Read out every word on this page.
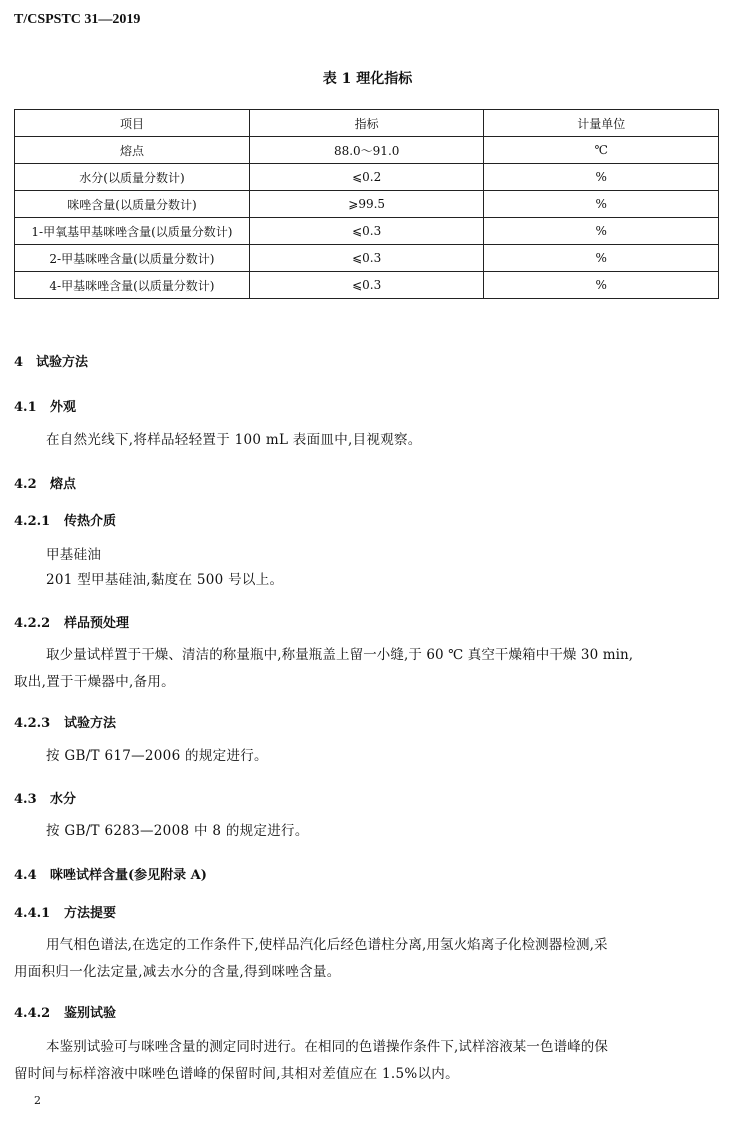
T/CSPSTC 31—2019
表 1 理化指标
项目	指标	计量单位
熔点	88.0～91.0	℃
水分(以质量分数计)	⩽0.2	%
咪唑含量(以质量分数计)	⩾99.5	%
1-甲氧基甲基咪唑含量(以质量分数计)	⩽0.3	%
2-甲基咪唑含量(以质量分数计)	⩽0.3	%
4-甲基咪唑含量(以质量分数计)	⩽0.3	%
4 试验方法
4.1 外观
在自然光线下,将样品轻轻置于 100 mL 表面皿中,目视观察。
4.2 熔点
4.2.1 传热介质
甲基硅油
201 型甲基硅油,黏度在 500 号以上。
4.2.2 样品预处理
取少量试样置于干燥、清洁的称量瓶中,称量瓶盖上留一小缝,于 60 ℃ 真空干燥箱中干燥 30 min,
取出,置于干燥器中,备用。
4.2.3 试验方法
按 GB/T 617—2006 的规定进行。
4.3 水分
按 GB/T 6283—2008 中 8 的规定进行。
4.4 咪唑试样含量(参见附录 A)
4.4.1 方法提要
用气相色谱法,在选定的工作条件下,使样品汽化后经色谱柱分离,用氢火焰离子化检测器检测,采
用面积归一化法定量,减去水分的含量,得到咪唑含量。
4.4.2 鉴别试验
本鉴别试验可与咪唑含量的测定同时进行。在相同的色谱操作条件下,试样溶液某一色谱峰的保
留时间与标样溶液中咪唑色谱峰的保留时间,其相对差值应在 1.5%以内。
2
